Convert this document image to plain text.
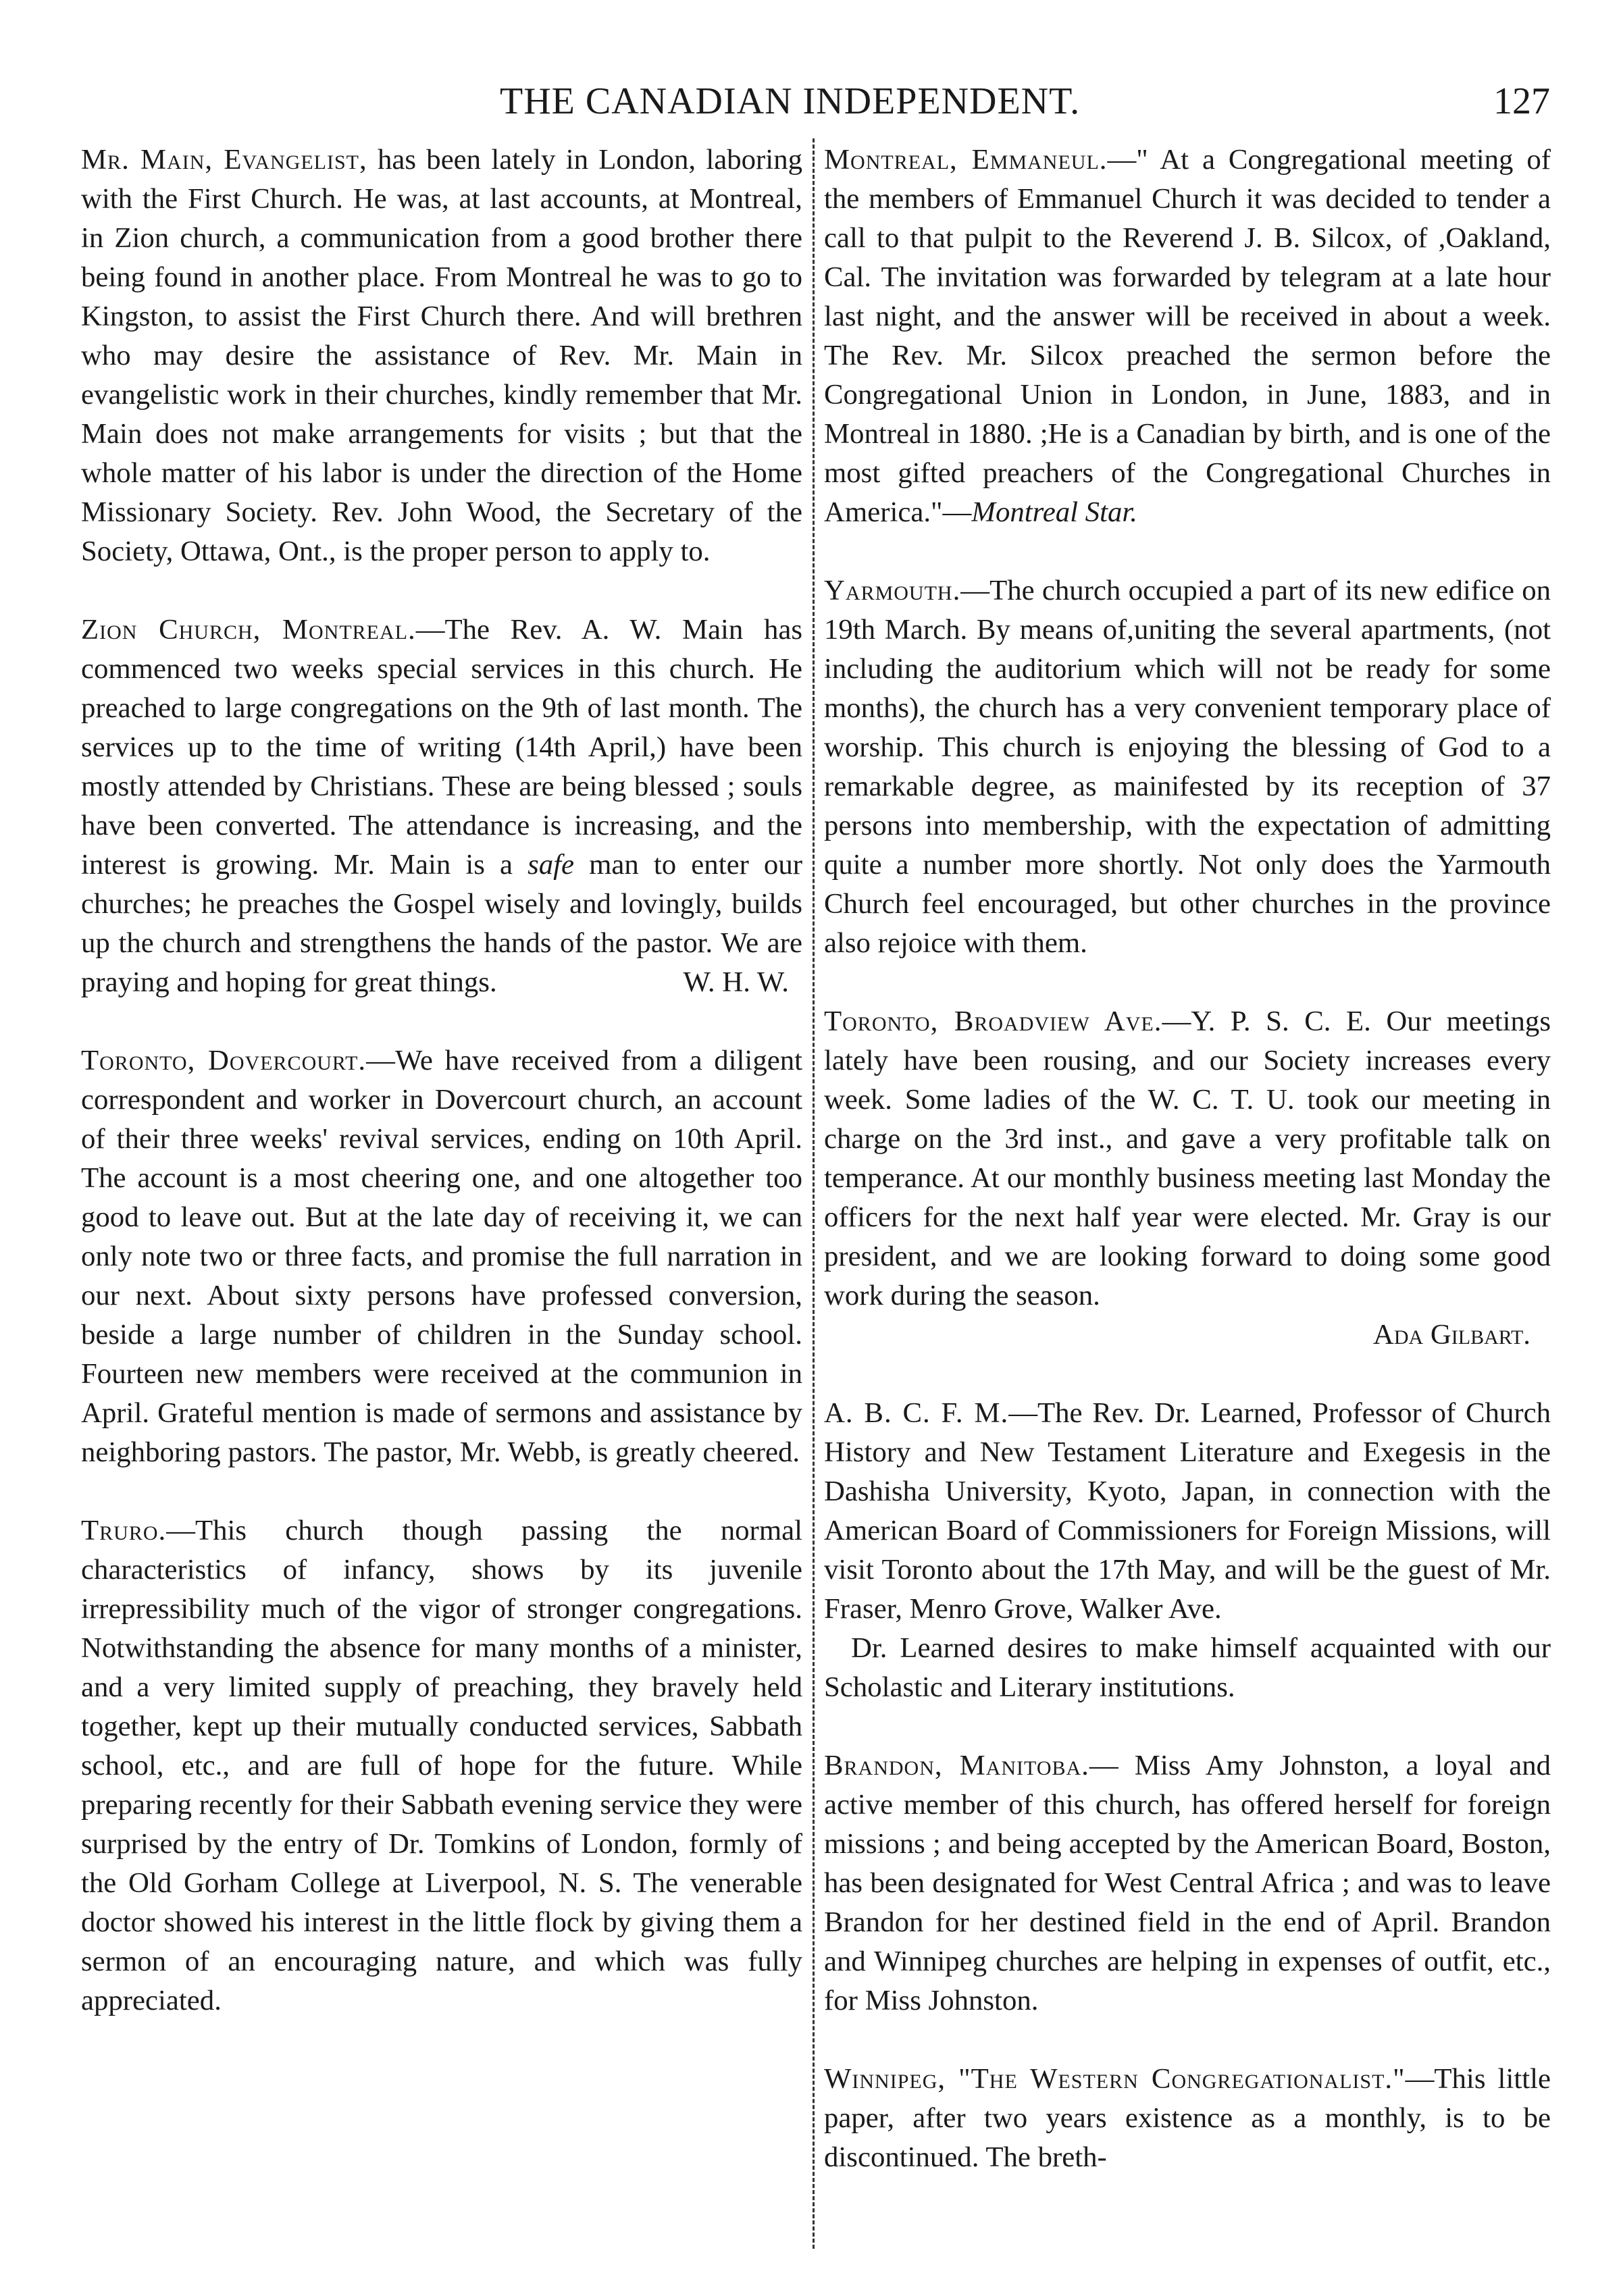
THE CANADIAN INDEPENDENT.	127

Mr. Main, Evangelist, has been lately in London, laboring with the First Church. He was, at last accounts, at Montreal, in Zion church, a communication from a good brother there being found in another place. From Montreal he was to go to Kingston, to assist the First Church there. And will brethren who may desire the assistance of Rev. Mr. Main in evangelistic work in their churches, kindly remember that Mr. Main does not make arrangements for visits ; but that the whole matter of his labor is under the direction of the Home Missionary Society. Rev. John Wood, the Secretary of the Society, Ottawa, Ont., is the proper person to apply to.

Zion Church, Montreal.—The Rev. A. W. Main has commenced two weeks special services in this church. He preached to large congregations on the 9th of last month. The services up to the time of writing (14th April,) have been mostly attended by Christians. These are being blessed ; souls have been converted. The attendance is increasing, and the interest is growing. Mr. Main is a safe man to enter our churches; he preaches the Gospel wisely and lovingly, builds up the church and strengthens the hands of the pastor. We are praying and hoping for great things.	W. H. W.

Toronto, Dovercourt.—We have received from a diligent correspondent and worker in Dovercourt church, an account of their three weeks' revival services, ending on 10th April. The account is a most cheering one, and one altogether too good to leave out. But at the late day of receiving it, we can only note two or three facts, and promise the full narration in our next. About sixty persons have professed conversion, beside a large number of children in the Sunday school. Fourteen new members were received at the communion in April. Grateful mention is made of sermons and assistance by neighboring pastors. The pastor, Mr. Webb, is greatly cheered.

Truro.—This church though passing the normal characteristics of infancy, shows by its juvenile irrepressibility much of the vigor of stronger congregations. Notwithstanding the absence for many months of a minister, and a very limited supply of preaching, they bravely held together, kept up their mutually conducted services, Sabbath school, etc., and are full of hope for the future. While preparing recently for their Sabbath evening service they were surprised by the entry of Dr. Tomkins of London, formly of the Old Gorham College at Liverpool, N. S. The venerable doctor showed his interest in the little flock by giving them a sermon of an encouraging nature, and which was fully appreciated.

Montreal, Emmaneul.—" At a Congregational meeting of the members of Emmanuel Church it was decided to tender a call to that pulpit to the Reverend J. B. Silcox, of ,Oakland, Cal. The invitation was forwarded by telegram at a late hour last night, and the answer will be received in about a week. The Rev. Mr. Silcox preached the sermon before the Congregational Union in London, in June, 1883, and in Montreal in 1880. ;He is a Canadian by birth, and is one of the most gifted preachers of the Congregational Churches in America."—Montreal Star.

Yarmouth.—The church occupied a part of its new edifice on 19th March. By means of,uniting the several apartments, (not including the auditorium which will not be ready for some months), the church has a very convenient temporary place of worship. This church is enjoying the blessing of God to a remarkable degree, as mainifested by its reception of 37 persons into membership, with the expectation of admitting quite a number more shortly. Not only does the Yarmouth Church feel encouraged, but other churches in the province also rejoice with them.

Toronto, Broadview Ave.—Y. P. S. C. E. Our meetings lately have been rousing, and our Society increases every week. Some ladies of the W. C. T. U. took our meeting in charge on the 3rd inst., and gave a very profitable talk on temperance. At our monthly business meeting last Monday the officers for the next half year were elected. Mr. Gray is our president, and we are looking forward to doing some good work during the season.

Ada Gilbart.

A. B. C. F. M.—The Rev. Dr. Learned, Professor of Church History and New Testament Literature and Exegesis in the Dashisha University, Kyoto, Japan, in connection with the American Board of Commissioners for Foreign Missions, will visit Toronto about the 17th May, and will be the guest of Mr. Fraser, Menro Grove, Walker Ave.

Dr. Learned desires to make himself acquainted with our Scholastic and Literary institutions.

Brandon, Manitoba.— Miss Amy Johnston, a loyal and active member of this church, has offered herself for foreign missions ; and being accepted by the American Board, Boston, has been designated for West Central Africa ; and was to leave Brandon for her destined field in the end of April. Brandon and Winnipeg churches are helping in expenses of outfit, etc., for Miss Johnston.

Winnipeg, "The Western Congregationalist."—This little paper, after two years existence as a monthly, is to be discontinued. The breth-
